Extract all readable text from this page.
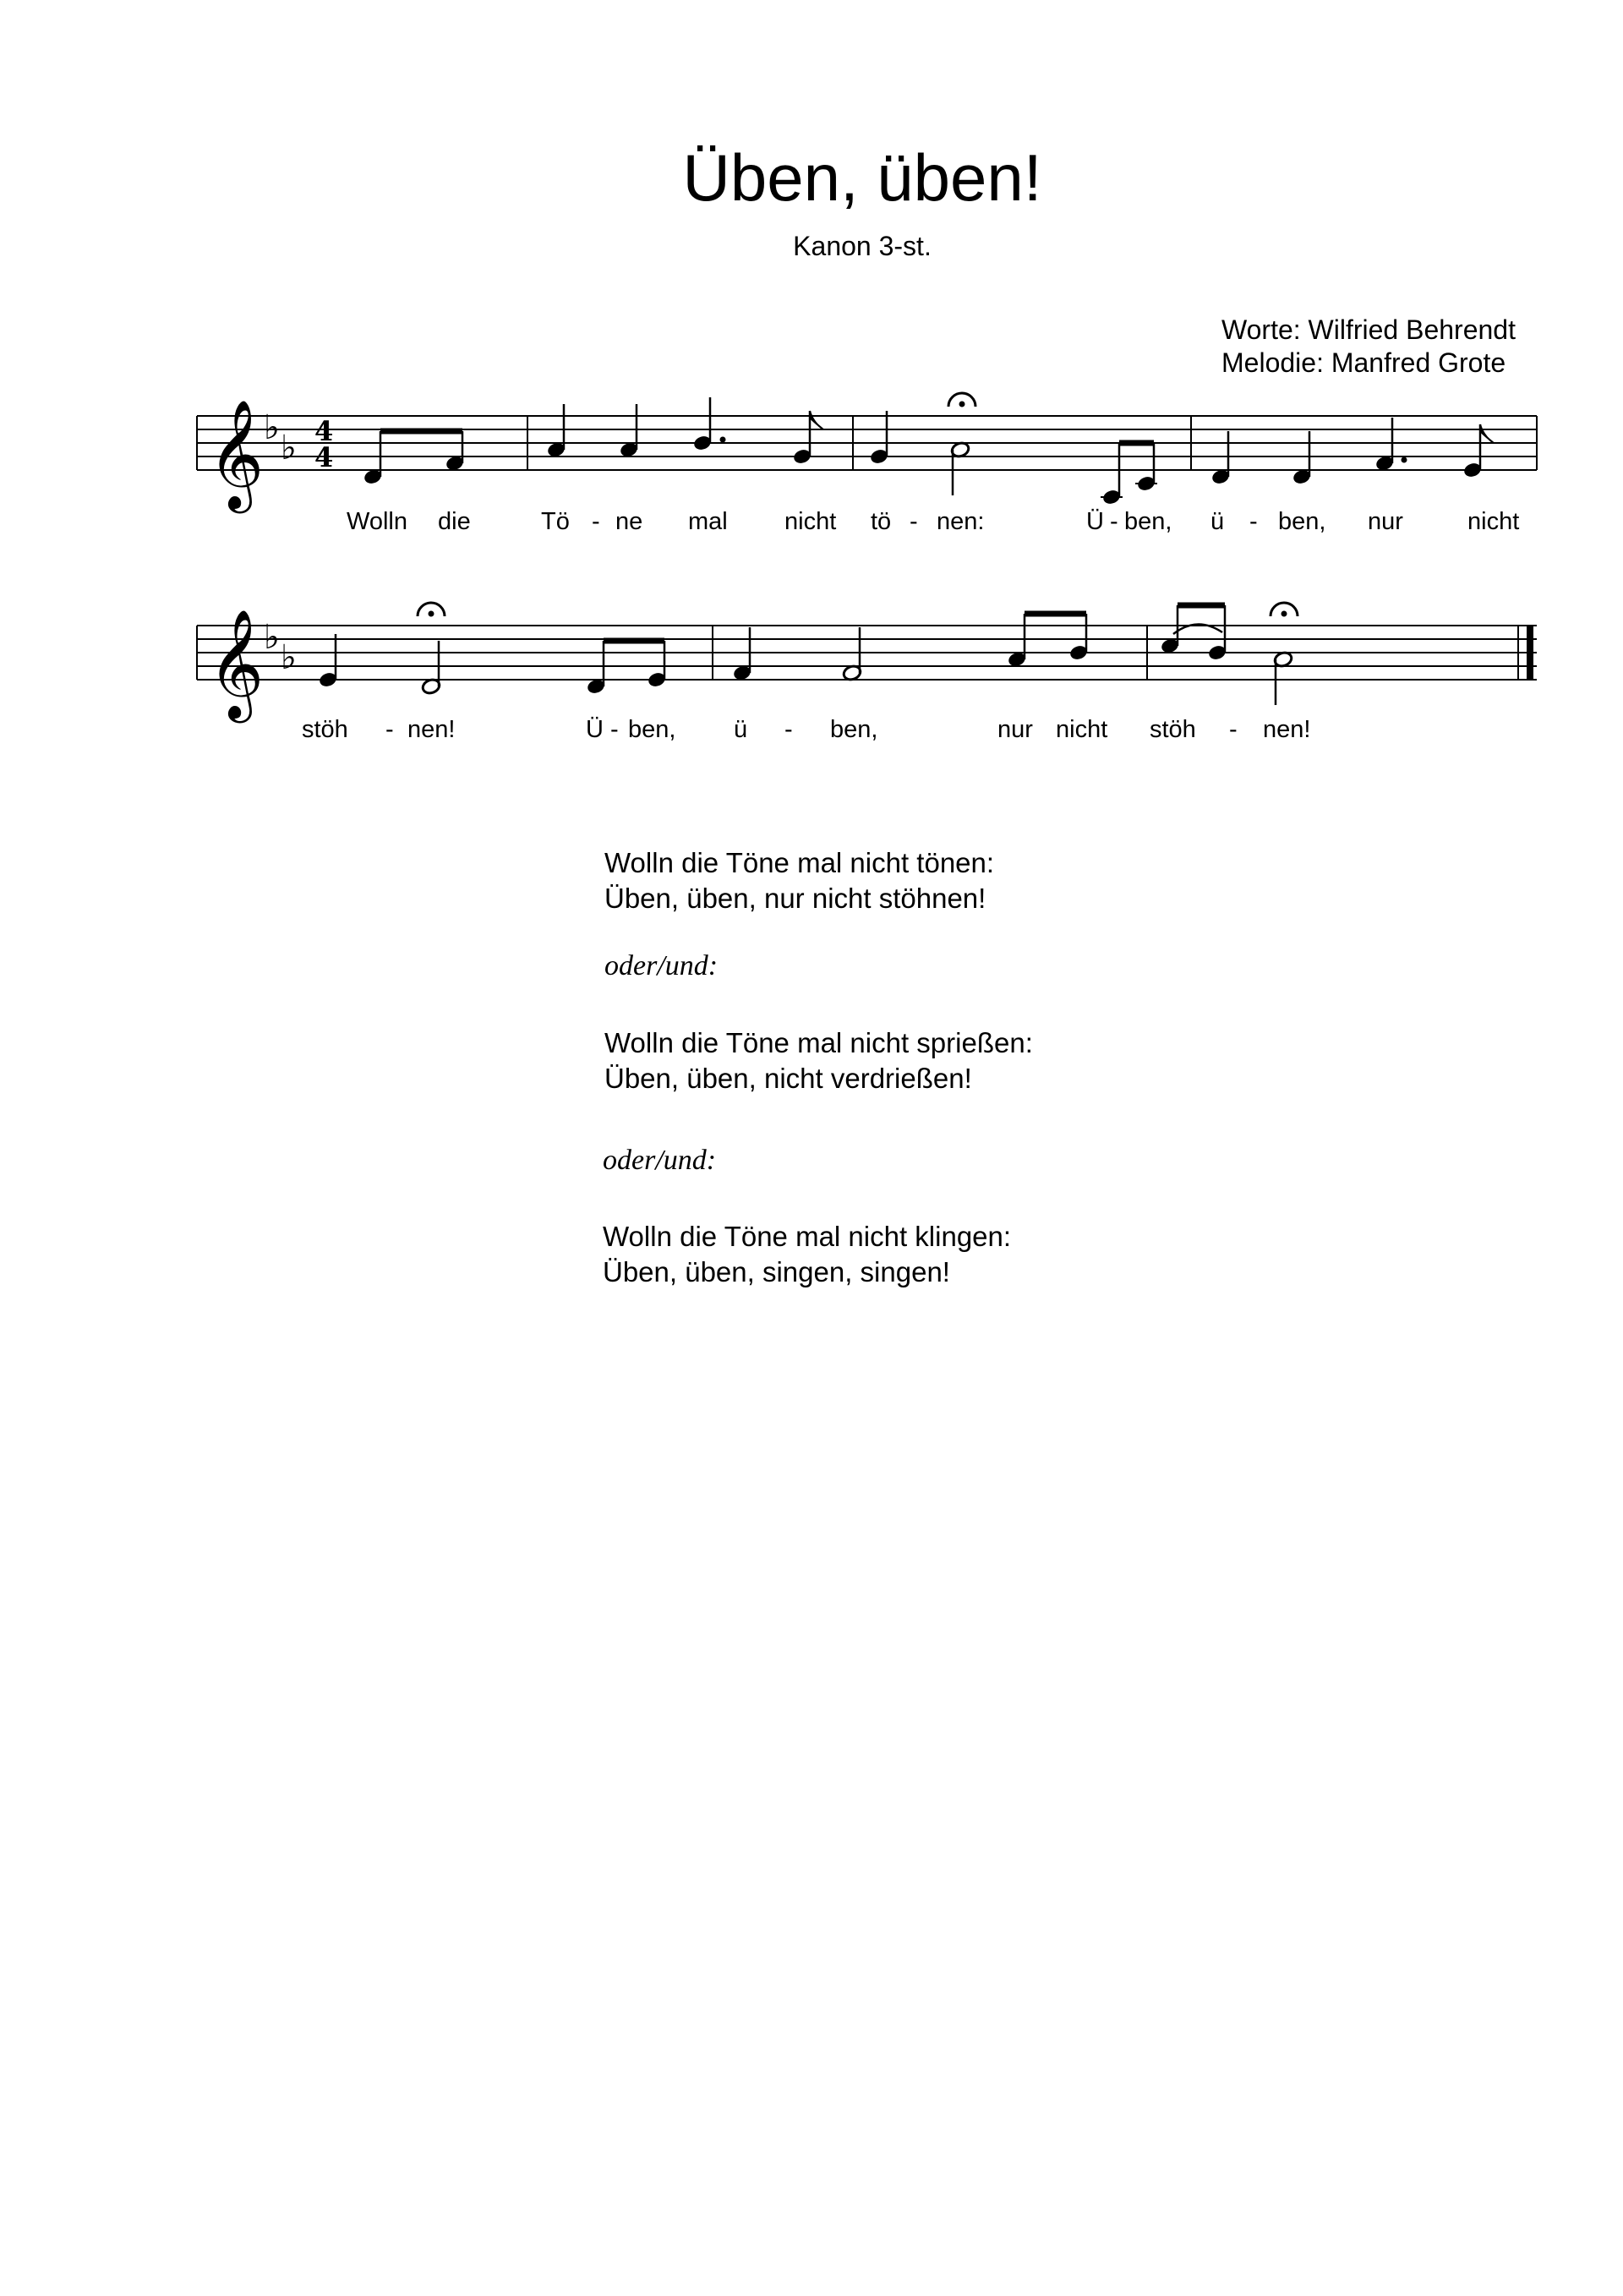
Üben, üben!
Kanon 3-st.
Worte: Wilfried Behrendt
Melodie: Manfred Grote
𝄞 ♭
♭ 4
4
Wolln die	Tö - ne mal nicht tö - nen:	Ü - ben, ü - ben, nur	nicht
𝄞 ♭
♭
stöh - nen!	Ü - ben, ü - ben,	nur nicht stöh - nen!
Wolln die Töne mal nicht tönen:
Üben, üben, nur nicht stöhnen!
oder/und:
Wolln die Töne mal nicht sprießen:
Üben, üben, nicht verdrießen!
oder/und:
Wolln die Töne mal nicht klingen:
Üben, üben, singen, singen!
